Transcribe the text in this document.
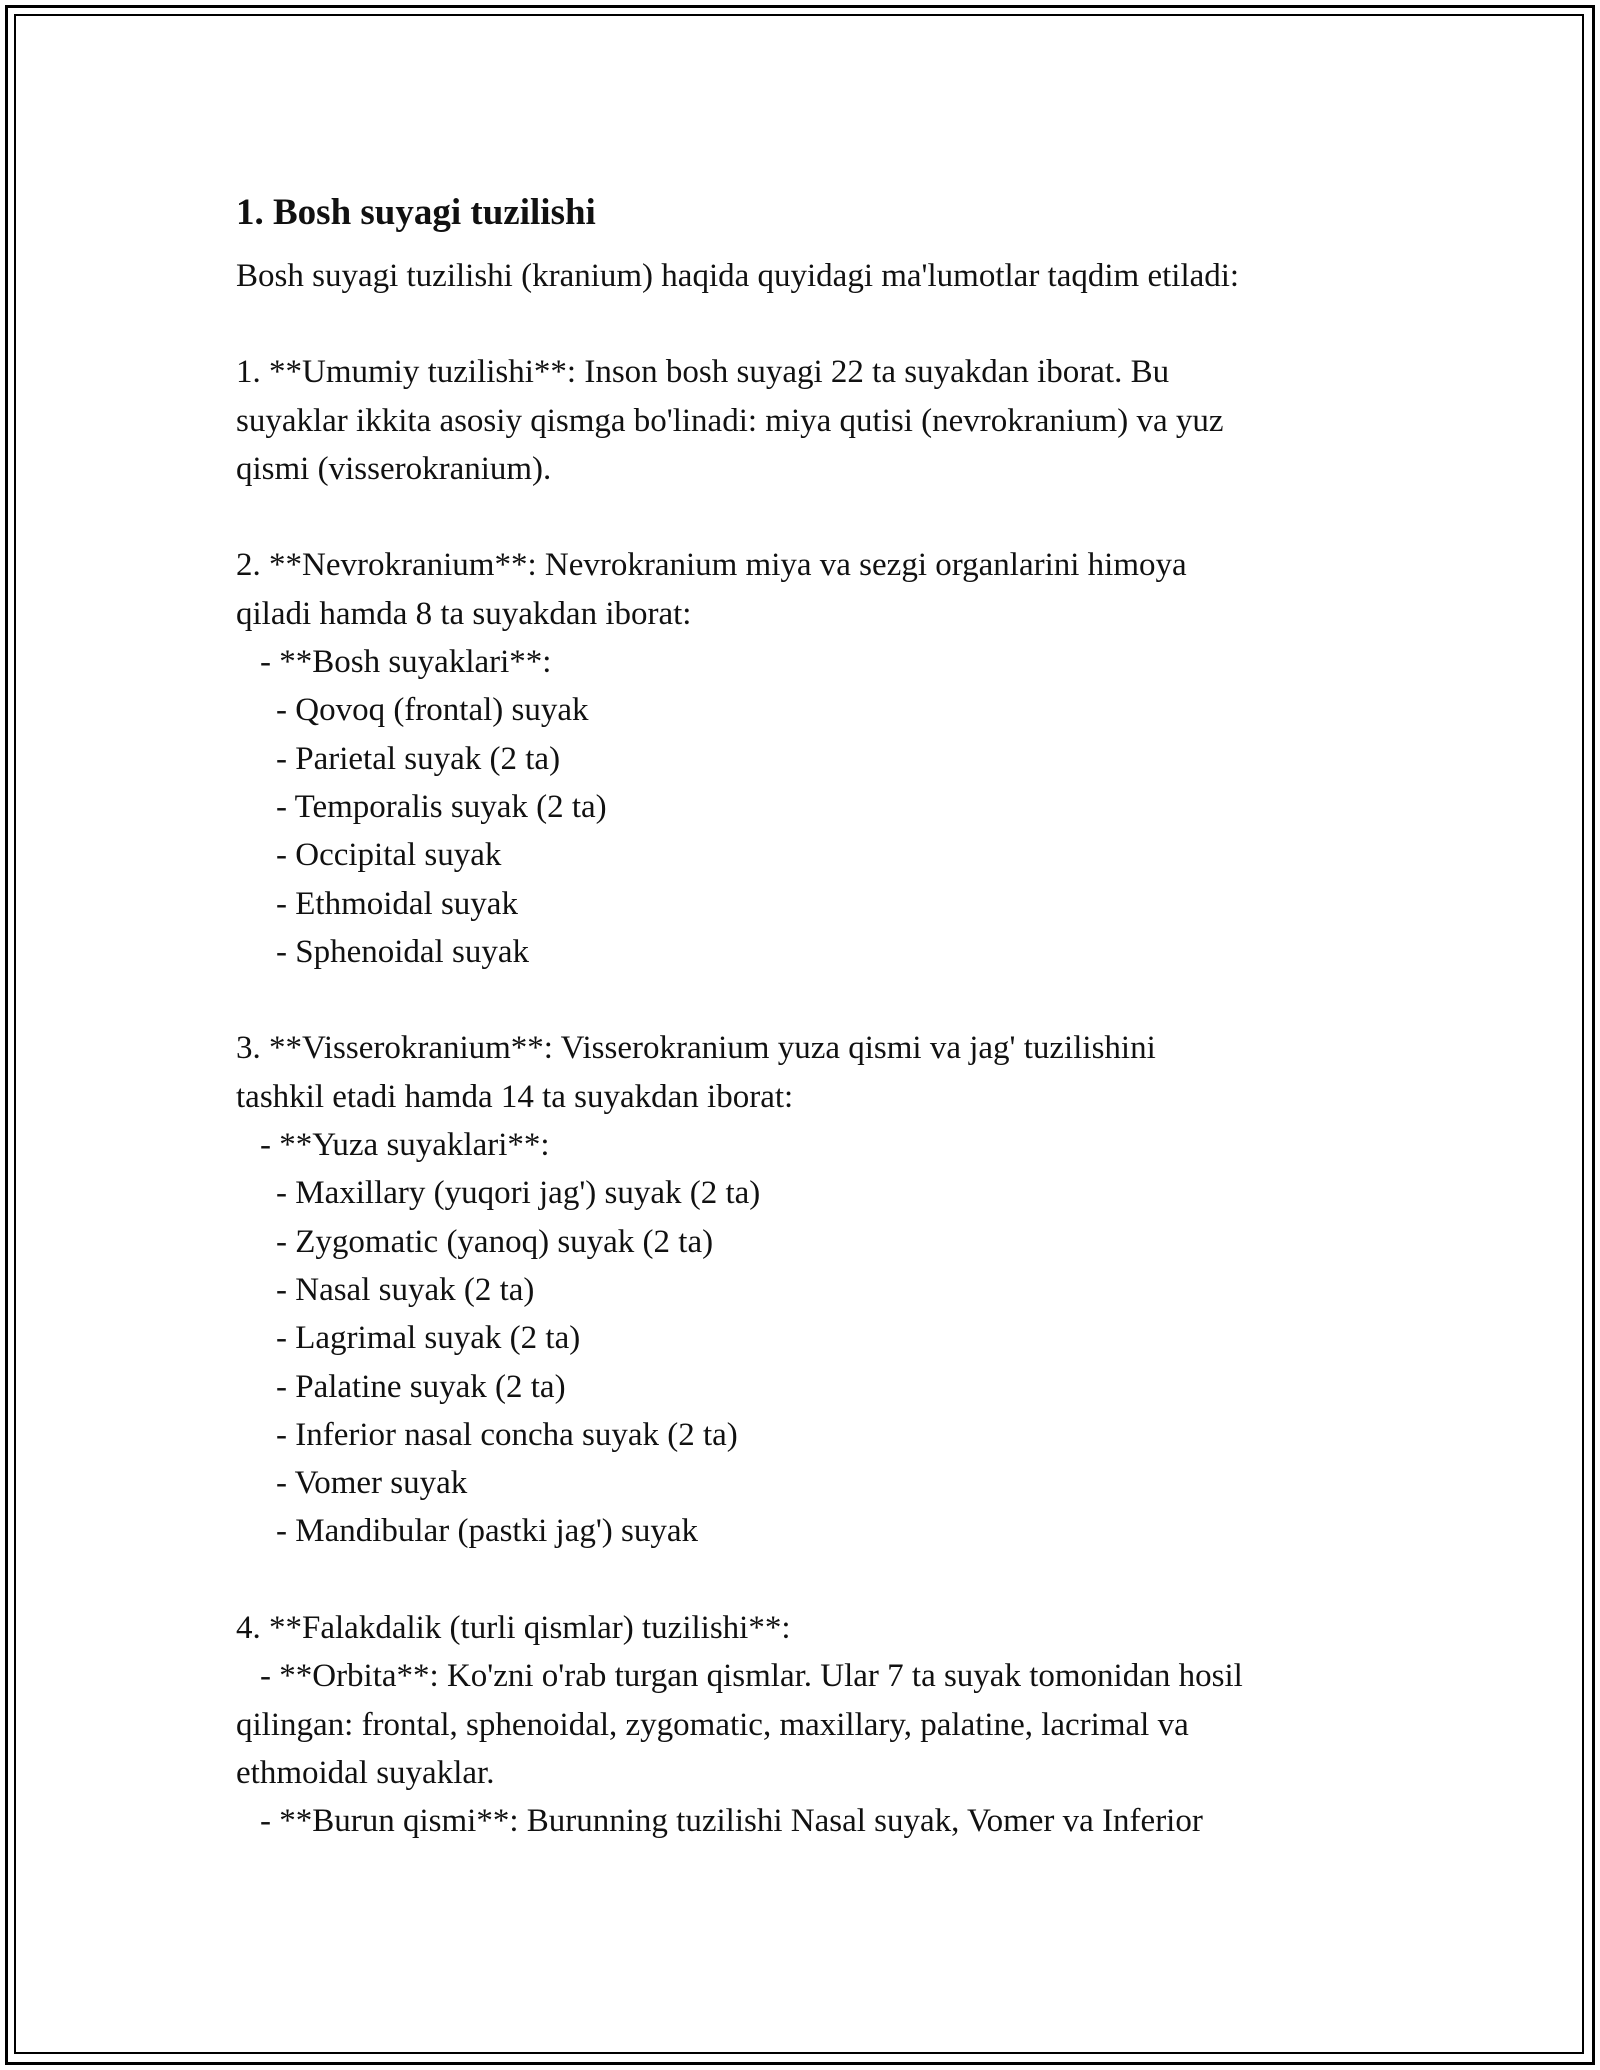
1. Bosh suyagi tuzilishi

Bosh suyagi tuzilishi (kranium) haqida quyidagi ma'lumotlar taqdim etiladi:

1. **Umumiy tuzilishi**: Inson bosh suyagi 22 ta suyakdan iborat. Bu
suyaklar ikkita asosiy qismga bo'linadi: miya qutisi (nevrokranium) va yuz
qismi (visserokranium).
2. **Nevrokranium**: Nevrokranium miya va sezgi organlarini himoya
qiladi hamda 8 ta suyakdan iborat:
- **Bosh suyaklari**:
- Qovoq (frontal) suyak
- Parietal suyak (2 ta)
- Temporalis suyak (2 ta)
- Occipital suyak
- Ethmoidal suyak
- Sphenoidal suyak
3. **Visserokranium**: Visserokranium yuza qismi va jag' tuzilishini
tashkil etadi hamda 14 ta suyakdan iborat:
- **Yuza suyaklari**:
- Maxillary (yuqori jag') suyak (2 ta)
- Zygomatic (yanoq) suyak (2 ta)
- Nasal suyak (2 ta)
- Lagrimal suyak (2 ta)
- Palatine suyak (2 ta)
- Inferior nasal concha suyak (2 ta)
- Vomer suyak
- Mandibular (pastki jag') suyak
4. **Falakdalik (turli qismlar) tuzilishi**:
- **Orbita**: Ko'zni o'rab turgan qismlar. Ular 7 ta suyak tomonidan hosil
qilingan: frontal, sphenoidal, zygomatic, maxillary, palatine, lacrimal va
ethmoidal suyaklar.
- **Burun qismi**: Burunning tuzilishi Nasal suyak, Vomer va Inferior
